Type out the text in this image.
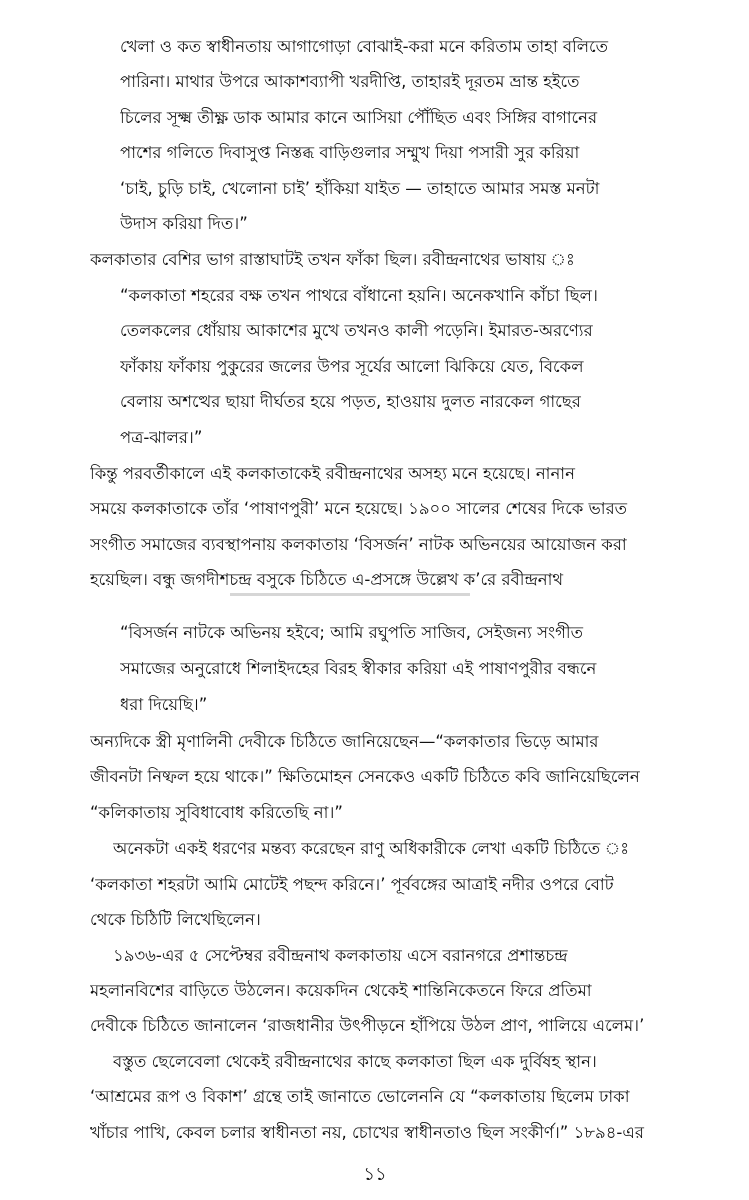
খেলা ও কত স্বাধীনতায় আগাগোড়া বোঝাই-করা মনে করিতাম তাহা বলিতে

পারিনা। মাথার উপরে আকাশব্যাপী খরদীপ্তি, তাহারই দূরতম ভ্রান্ত হইতে

চিলের সূক্ষ্ম তীক্ষ্ণ ডাক আমার কানে আসিয়া পৌঁছিত এবং সিঙ্গির বাগানের

পাশের গলিতে দিবাসুপ্ত নিস্তব্ধ বাড়িগুলার সম্মুখ দিয়া পসারী সুর করিয়া

‘চাই, চুড়ি চাই, খেলোনা চাই’ হাঁকিয়া যাইত — তাহাতে আমার সমস্ত মনটা

উদাস করিয়া দিত।”

কলকাতার বেশির ভাগ রাস্তাঘাটই তখন ফাঁকা ছিল। রবীন্দ্রনাথের ভাষায় ঃ

“কলকাতা শহরের বক্ষ তখন পাথরে বাঁধানো হয়নি। অনেকখানি কাঁচা ছিল।

তেলকলের ধোঁয়ায় আকাশের মুখে তখনও কালী পড়েনি। ইমারত-অরণ্যের

ফাঁকায় ফাঁকায় পুকুরের জলের উপর সূর্যের আলো ঝিকিয়ে যেত, বিকেল

বেলায় অশত্থের ছায়া দীর্ঘতর হয়ে পড়ত, হাওয়ায় দুলত নারকেল গাছের

পত্র-ঝালর।”

কিন্তু পরবর্তীকালে এই কলকাতাকেই রবীন্দ্রনাথের অসহ্য মনে হয়েছে। নানান

সময়ে কলকাতাকে তাঁর ‘পাষাণপুরী’ মনে হয়েছে। ১৯০০ সালের শেষের দিকে ভারত

সংগীত সমাজের ব্যবস্থাপনায় কলকাতায় ‘বিসর্জন’ নাটক অভিনয়ের আয়োজন করা

হয়েছিল। বন্ধু জগদীশচন্দ্র বসুকে চিঠিতে এ-প্রসঙ্গে উল্লেখ ক’রে রবীন্দ্রনাথ

“বিসর্জন নাটকে অভিনয় হইবে; আমি রঘুপতি সাজিব, সেইজন্য সংগীত

সমাজের অনুরোধে শিলাইদহের বিরহ স্বীকার করিয়া এই পাষাণপুরীর বন্ধনে

ধরা দিয়েছি।”

অন্যদিকে স্ত্রী মৃণালিনী দেবীকে চিঠিতে জানিয়েছেন—“কলকাতার ভিড়ে আমার

জীবনটা নিষ্ফল হয়ে থাকে।” ক্ষিতিমোহন সেনকেও একটি চিঠিতে কবি জানিয়েছিলেন

“কলিকাতায় সুবিধাবোধ করিতেছি না।”

অনেকটা একই ধরণের মন্তব্য করেছেন রাণু অধিকারীকে লেখা একটি চিঠিতে ঃ

‘কলকাতা শহরটা আমি মোটেই পছন্দ করিনে।’ পূর্ববঙ্গের আত্রাই নদীর ওপরে বোট

থেকে চিঠিটি লিখেছিলেন।

১৯৩৬-এর ৫ সেপ্টেম্বর রবীন্দ্রনাথ কলকাতায় এসে বরানগরে প্রশান্তচন্দ্র

মহলানবিশের বাড়িতে উঠলেন। কয়েকদিন থেকেই শান্তিনিকেতনে ফিরে প্রতিমা

দেবীকে চিঠিতে জানালেন ‘রাজধানীর উৎপীড়নে হাঁপিয়ে উঠল প্রাণ, পালিয়ে এলেম।’

বস্তুত ছেলেবেলা থেকেই রবীন্দ্রনাথের কাছে কলকাতা ছিল এক দুর্বিষহ স্থান।

‘আশ্রমের রূপ ও বিকাশ’ গ্রন্থে তাই জানাতে ভোলেননি যে “কলকাতায় ছিলেম ঢাকা

খাঁচার পাখি, কেবল চলার স্বাধীনতা নয়, চোখের স্বাধীনতাও ছিল সংকীর্ণ।” ১৮৯৪-এর

১১
